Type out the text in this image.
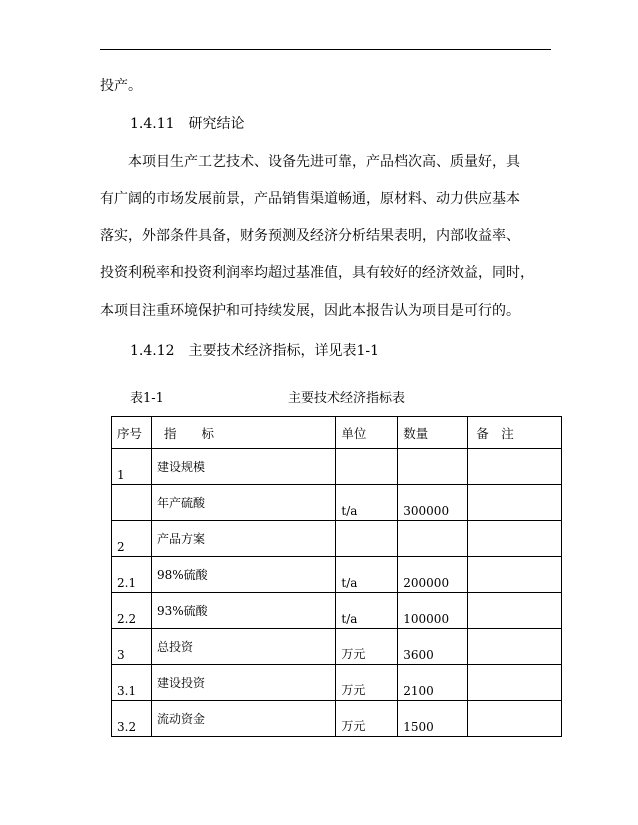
投产。
1.4.11　研究结论
本项目生产工艺技术、设备先进可靠，产品档次高、质量好，具
有广阔的市场发展前景，产品销售渠道畅通，原材料、动力供应基本
落实，外部条件具备，财务预测及经济分析结果表明，内部收益率、
投资利税率和投资利润率均超过基准值，具有较好的经济效益，同时，
本项目注重环境保护和可持续发展，因此本报告认为项目是可行的。
1.4.12　主要技术经济指标，详见表1-1
表1-1	主要技术经济指标表
序号	指　　标	单位	数量	备　注
1	建设规模			
	年产硫酸	t/a	300000	
2	产品方案			
2.1	98%硫酸	t/a	200000	
2.2	93%硫酸	t/a	100000	
3	总投资	万元	3600	
3.1	建设投资	万元	2100	
3.2	流动资金	万元	1500	
